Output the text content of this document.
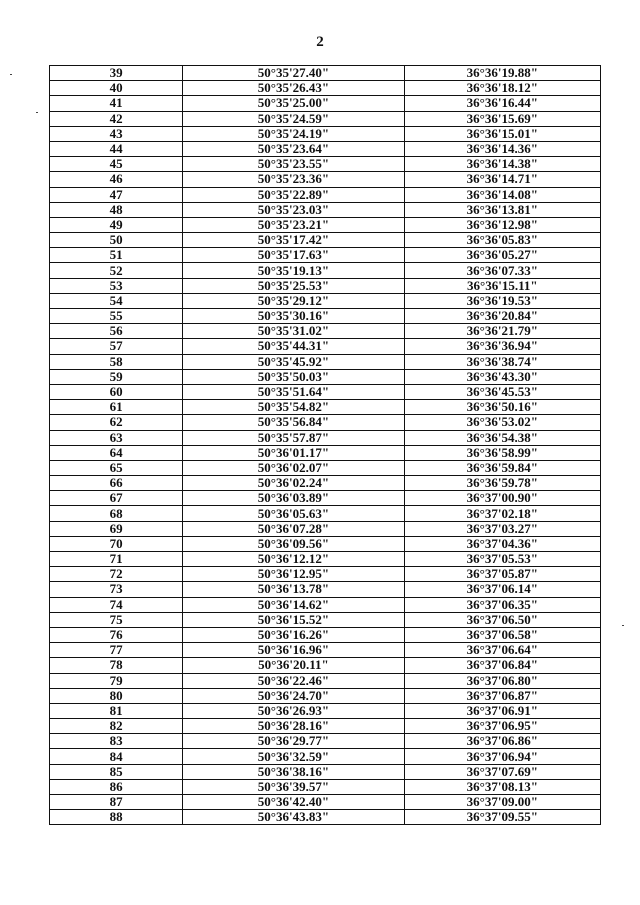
2
39	50°35'27.40"	36°36'19.88"
40	50°35'26.43"	36°36'18.12"
41	50°35'25.00"	36°36'16.44"
42	50°35'24.59"	36°36'15.69"
43	50°35'24.19"	36°36'15.01"
44	50°35'23.64"	36°36'14.36"
45	50°35'23.55"	36°36'14.38"
46	50°35'23.36"	36°36'14.71"
47	50°35'22.89"	36°36'14.08"
48	50°35'23.03"	36°36'13.81"
49	50°35'23.21"	36°36'12.98"
50	50°35'17.42"	36°36'05.83"
51	50°35'17.63"	36°36'05.27"
52	50°35'19.13"	36°36'07.33"
53	50°35'25.53"	36°36'15.11"
54	50°35'29.12"	36°36'19.53"
55	50°35'30.16"	36°36'20.84"
56	50°35'31.02"	36°36'21.79"
57	50°35'44.31"	36°36'36.94"
58	50°35'45.92"	36°36'38.74"
59	50°35'50.03"	36°36'43.30"
60	50°35'51.64"	36°36'45.53"
61	50°35'54.82"	36°36'50.16"
62	50°35'56.84"	36°36'53.02"
63	50°35'57.87"	36°36'54.38"
64	50°36'01.17"	36°36'58.99"
65	50°36'02.07"	36°36'59.84"
66	50°36'02.24"	36°36'59.78"
67	50°36'03.89"	36°37'00.90"
68	50°36'05.63"	36°37'02.18"
69	50°36'07.28"	36°37'03.27"
70	50°36'09.56"	36°37'04.36"
71	50°36'12.12"	36°37'05.53"
72	50°36'12.95"	36°37'05.87"
73	50°36'13.78"	36°37'06.14"
74	50°36'14.62"	36°37'06.35"
75	50°36'15.52"	36°37'06.50"
76	50°36'16.26"	36°37'06.58"
77	50°36'16.96"	36°37'06.64"
78	50°36'20.11"	36°37'06.84"
79	50°36'22.46"	36°37'06.80"
80	50°36'24.70"	36°37'06.87"
81	50°36'26.93"	36°37'06.91"
82	50°36'28.16"	36°37'06.95"
83	50°36'29.77"	36°37'06.86"
84	50°36'32.59"	36°37'06.94"
85	50°36'38.16"	36°37'07.69"
86	50°36'39.57"	36°37'08.13"
87	50°36'42.40"	36°37'09.00"
88	50°36'43.83"	36°37'09.55"
